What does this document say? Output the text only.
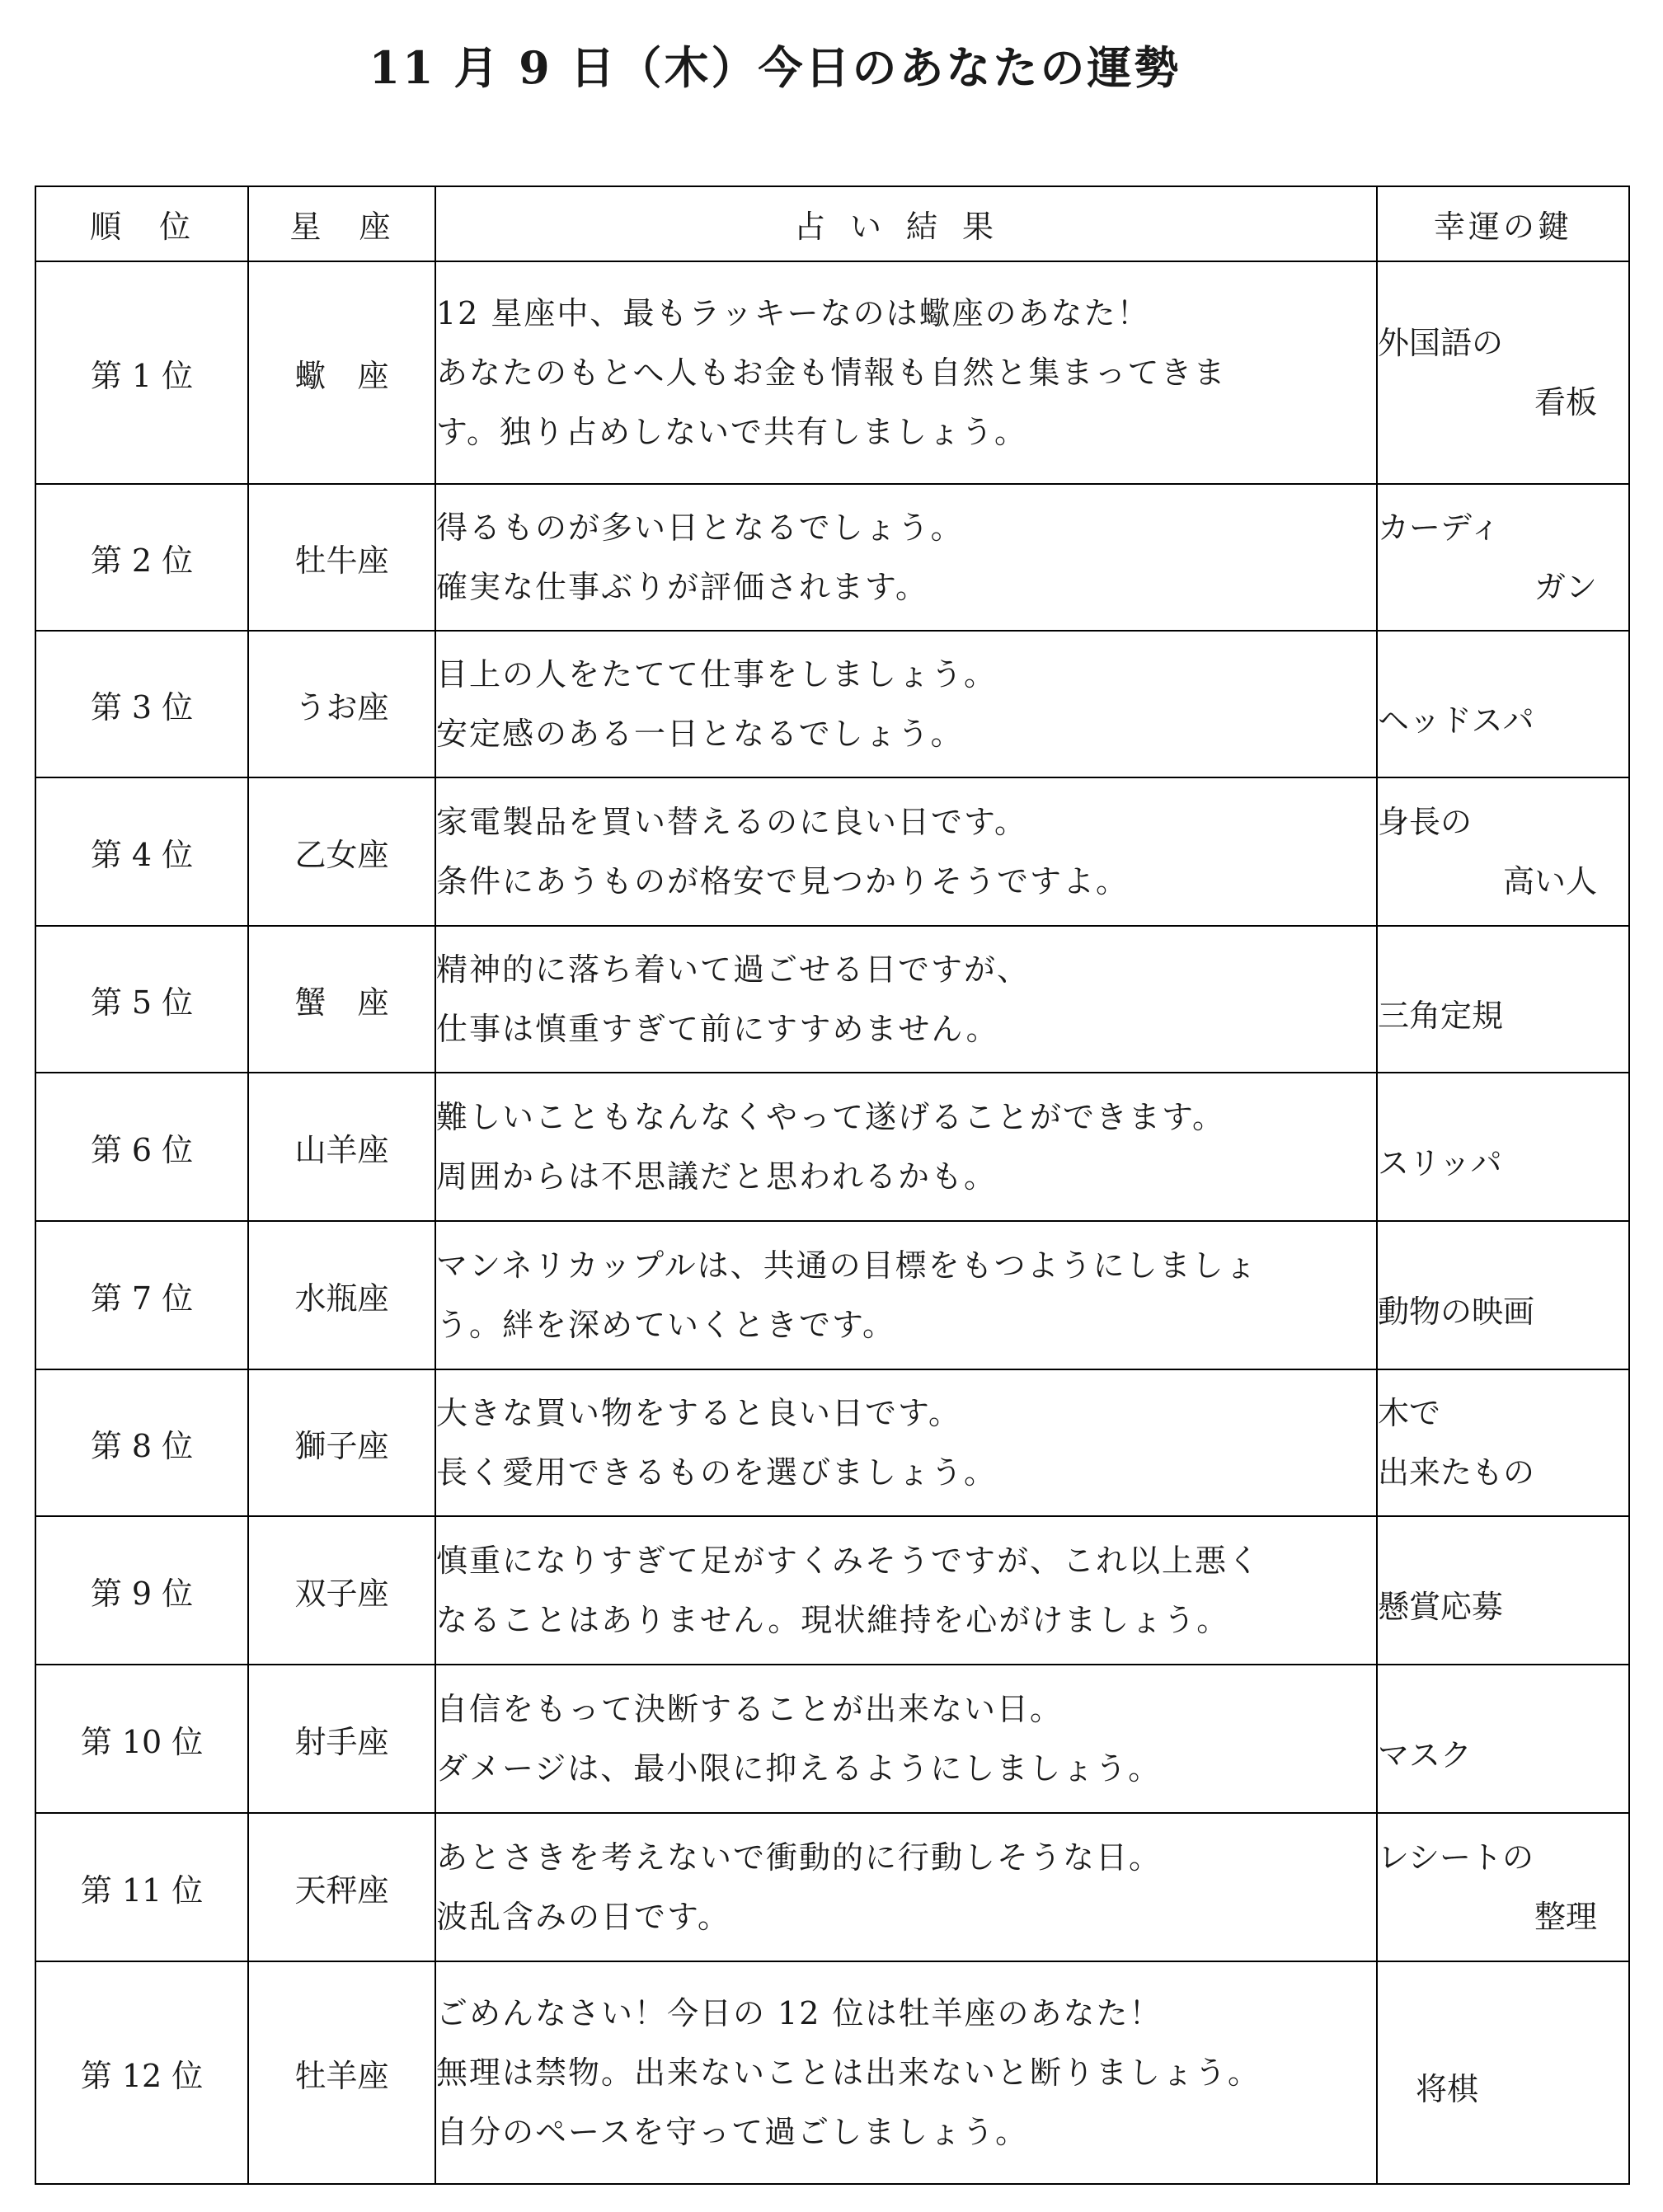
11 月 9 日（木）今日のあなたの運勢
順　位	星　座	占い結果	幸運の鍵
第 1 位	蠍　座	12 星座中、最もラッキーなのは蠍座のあなた！
あなたのもとへ人もお金も情報も自然と集まってきま
す。独り占めしないで共有しましょう。	外国語の
看板

第 2 位	牡牛座	得るものが多い日となるでしょう。
確実な仕事ぶりが評価されます。	カーディ
ガン

第 3 位	うお座	目上の人をたてて仕事をしましょう。
安定感のある一日となるでしょう。	ヘッドスパ

第 4 位	乙女座	家電製品を買い替えるのに良い日です。
条件にあうものが格安で見つかりそうですよ。	身長の
高い人

第 5 位	蟹　座	精神的に落ち着いて過ごせる日ですが、
仕事は慎重すぎて前にすすめません。	三角定規

第 6 位	山羊座	難しいこともなんなくやって遂げることができます。
周囲からは不思議だと思われるかも。	スリッパ

第 7 位	水瓶座	マンネリカップルは、共通の目標をもつようにしましょ
う。絆を深めていくときです。	動物の映画

第 8 位	獅子座	大きな買い物をすると良い日です。
長く愛用できるものを選びましょう。	木で
出来たもの

第 9 位	双子座	慎重になりすぎて足がすくみそうですが、これ以上悪く
なることはありません。現状維持を心がけましょう。	懸賞応募

第 10 位	射手座	自信をもって決断することが出来ない日。
ダメージは、最小限に抑えるようにしましょう。	マスク

第 11 位	天秤座	あとさきを考えないで衝動的に行動しそうな日。
波乱含みの日です。	レシートの
整理

第 12 位	牡羊座	ごめんなさい！今日の 12 位は牡羊座のあなた！
無理は禁物。出来ないことは出来ないと断りましょう。
自分のペースを守って過ごしましょう。	将棋
